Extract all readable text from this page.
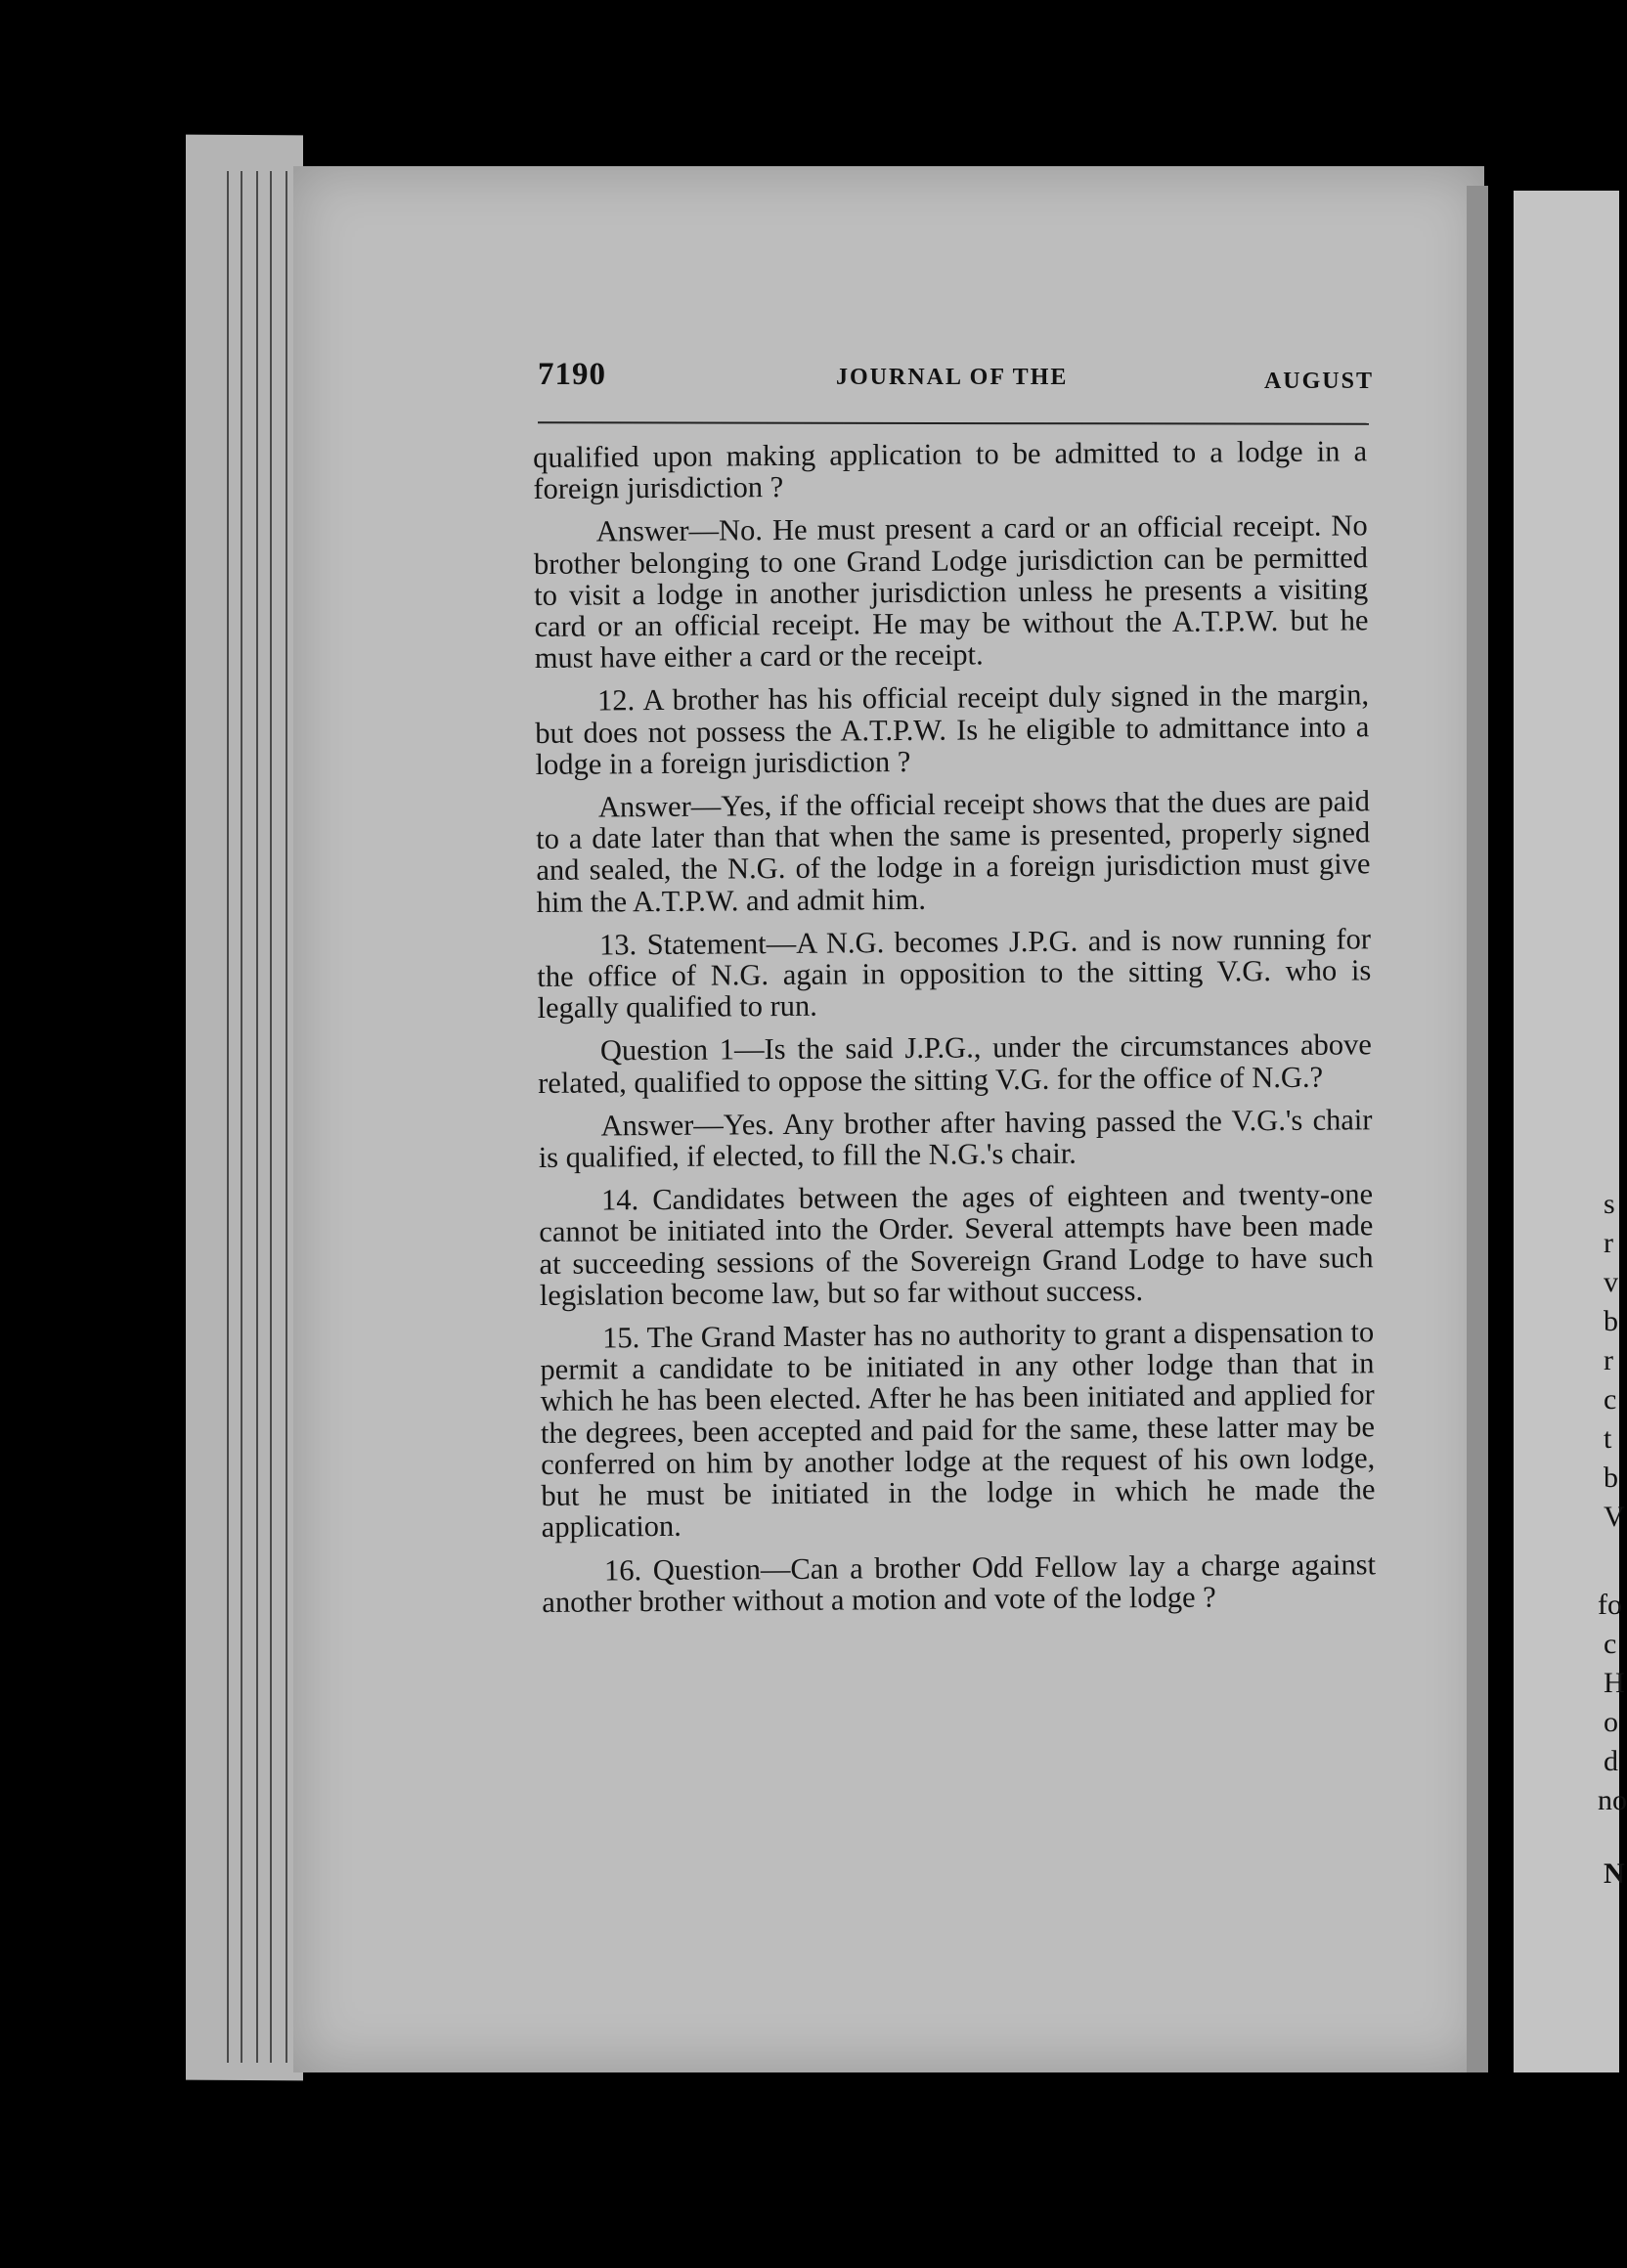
s
r
v
b
r
c
t
b
V
fo
c
H
o
d
no
N
7190	JOURNAL OF THE	AUGUST

qualified upon making application to be admitted to a lodge in a foreign jurisdiction ?

Answer—No. He must present a card or an official receipt. No brother belonging to one Grand Lodge jurisdiction can be permitted to visit a lodge in another jurisdiction unless he presents a visiting card or an official receipt. He may be without the A.T.P.W. but he must have either a card or the receipt.

12. A brother has his official receipt duly signed in the margin, but does not possess the A.T.P.W. Is he eligible to admittance into a lodge in a foreign jurisdiction ?

Answer—Yes, if the official receipt shows that the dues are paid to a date later than that when the same is presented, properly signed and sealed, the N.G. of the lodge in a foreign jurisdiction must give him the A.T.P.W. and admit him.

13. Statement—A N.G. becomes J.P.G. and is now running for the office of N.G. again in opposition to the sitting V.G. who is legally qualified to run.

Question 1—Is the said J.P.G., under the circumstances above related, qualified to oppose the sitting V.G. for the office of N.G.?

Answer—Yes. Any brother after having passed the V.G.'s chair is qualified, if elected, to fill the N.G.'s chair.

14. Candidates between the ages of eighteen and twenty-one cannot be initiated into the Order. Several attempts have been made at succeeding sessions of the Sovereign Grand Lodge to have such legislation become law, but so far without success.

15. The Grand Master has no authority to grant a dispensation to permit a candidate to be initiated in any other lodge than that in which he has been elected. After he has been initiated and applied for the degrees, been accepted and paid for the same, these latter may be conferred on him by another lodge at the request of his own lodge, but he must be initiated in the lodge in which he made the application.

16. Question—Can a brother Odd Fellow lay a charge against another brother without a motion and vote of the lodge ?
